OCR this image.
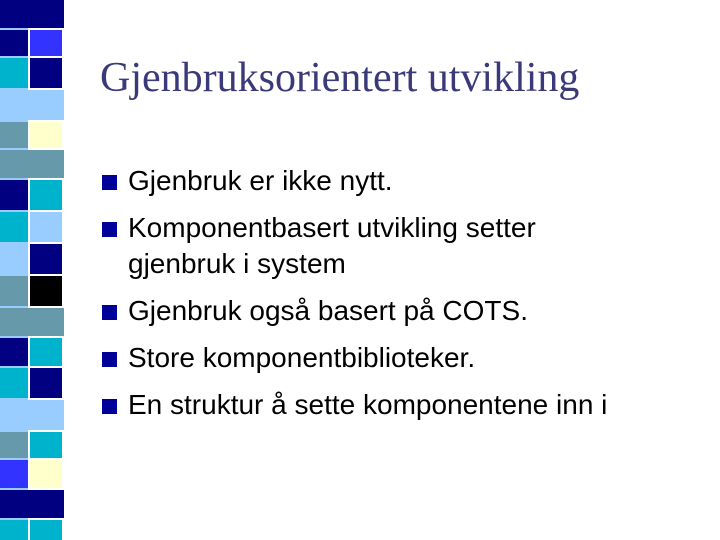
Gjenbruksorientert utvikling
Gjenbruk er ikke nytt.
Komponentbasert utvikling setter gjenbruk i system
Gjenbruk også basert på COTS.
Store komponentbiblioteker.
En struktur å sette komponentene inn i
